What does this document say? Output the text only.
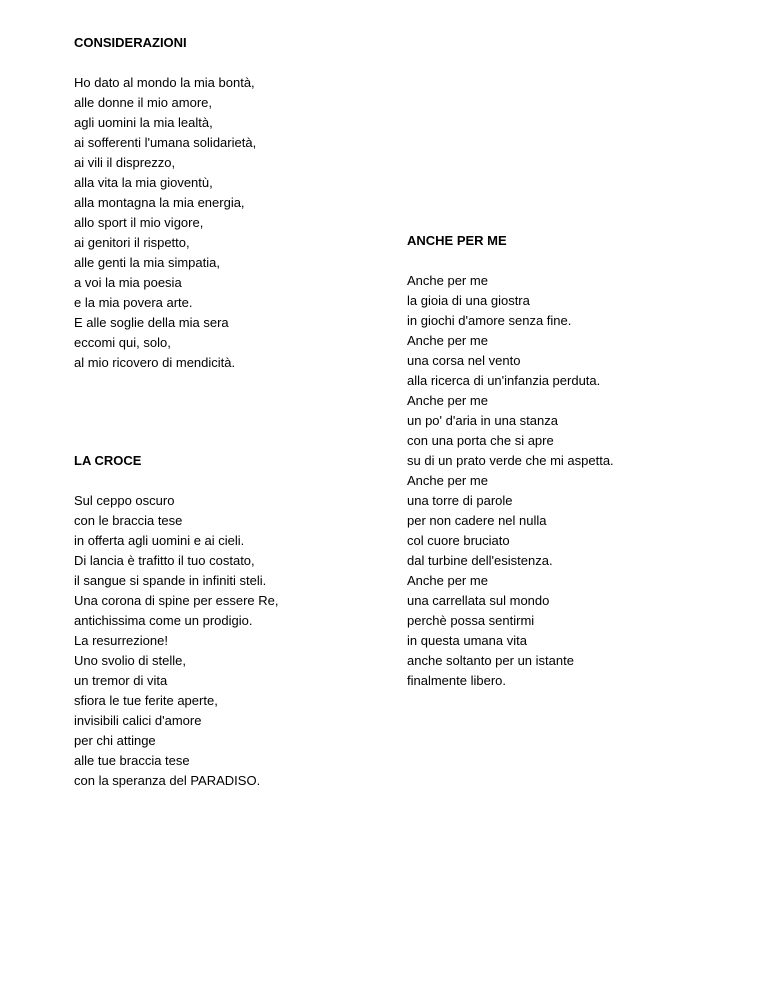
CONSIDERAZIONI
Ho dato al mondo la mia bontà,
alle donne il mio amore,
agli uomini la mia lealtà,
ai sofferenti l'umana solidarietà,
ai vili il disprezzo,
alla vita la mia gioventù,
alla montagna la mia energia,
allo sport il mio vigore,
ai genitori il rispetto,
alle genti la mia simpatia,
a voi la mia poesia
e la mia povera arte.
E alle soglie della mia sera
eccomi qui, solo,
al mio ricovero di mendicità.
LA CROCE
Sul ceppo oscuro
con le braccia tese
in offerta agli uomini e ai cieli.
Di lancia è trafitto il tuo costato,
il sangue si spande in infiniti steli.
Una corona di spine per essere Re,
antichissima come un prodigio.
La resurrezione!
Uno svolio di stelle,
un tremor di vita
sfiora le tue ferite aperte,
invisibili calici d'amore
per chi attinge
alle tue braccia tese
con la speranza del PARADISO.
ANCHE PER ME
Anche per me
la gioia di una giostra
in giochi d'amore senza fine.
Anche per me
una corsa nel vento
alla ricerca di un'infanzia perduta.
Anche per me
un po' d'aria in una stanza
con una porta che si apre
su di un prato verde che mi aspetta.
Anche per me
una torre di parole
per non cadere nel nulla
col cuore bruciato
dal turbine dell'esistenza.
Anche per me
una carrellata sul mondo
perchè possa sentirmi
in questa umana vita
anche soltanto per un istante
finalmente libero.
